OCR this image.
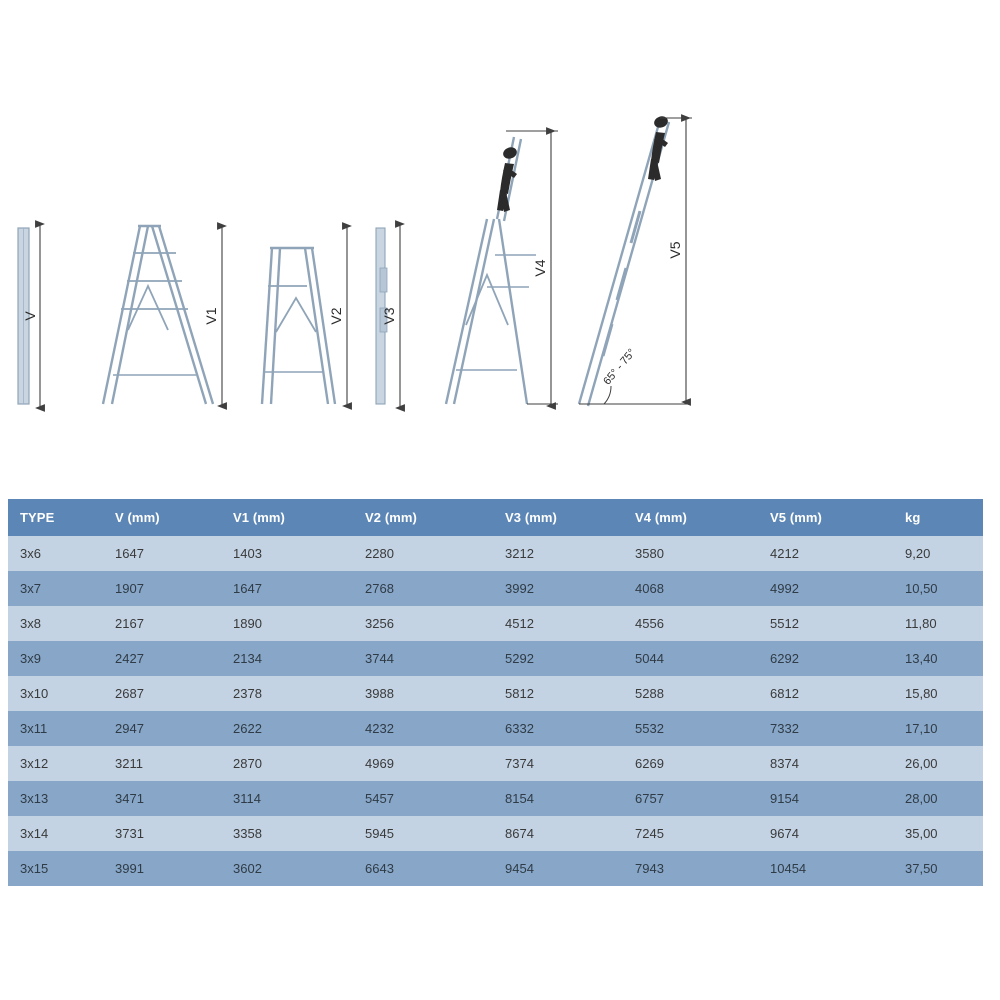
V	V1	V2	V3
V4
65° - 75°
V5
TYPE	V (mm)	V1 (mm)	V2 (mm)	V3 (mm)	V4 (mm)	V5 (mm)	kg
3x6	1647	1403	2280	3212	3580	4212	9,20
3x7	1907	1647	2768	3992	4068	4992	10,50
3x8	2167	1890	3256	4512	4556	5512	11,80
3x9	2427	2134	3744	5292	5044	6292	13,40
3x10	2687	2378	3988	5812	5288	6812	15,80
3x11	2947	2622	4232	6332	5532	7332	17,10
3x12	3211	2870	4969	7374	6269	8374	26,00
3x13	3471	3114	5457	8154	6757	9154	28,00
3x14	3731	3358	5945	8674	7245	9674	35,00
3x15	3991	3602	6643	9454	7943	10454	37,50
